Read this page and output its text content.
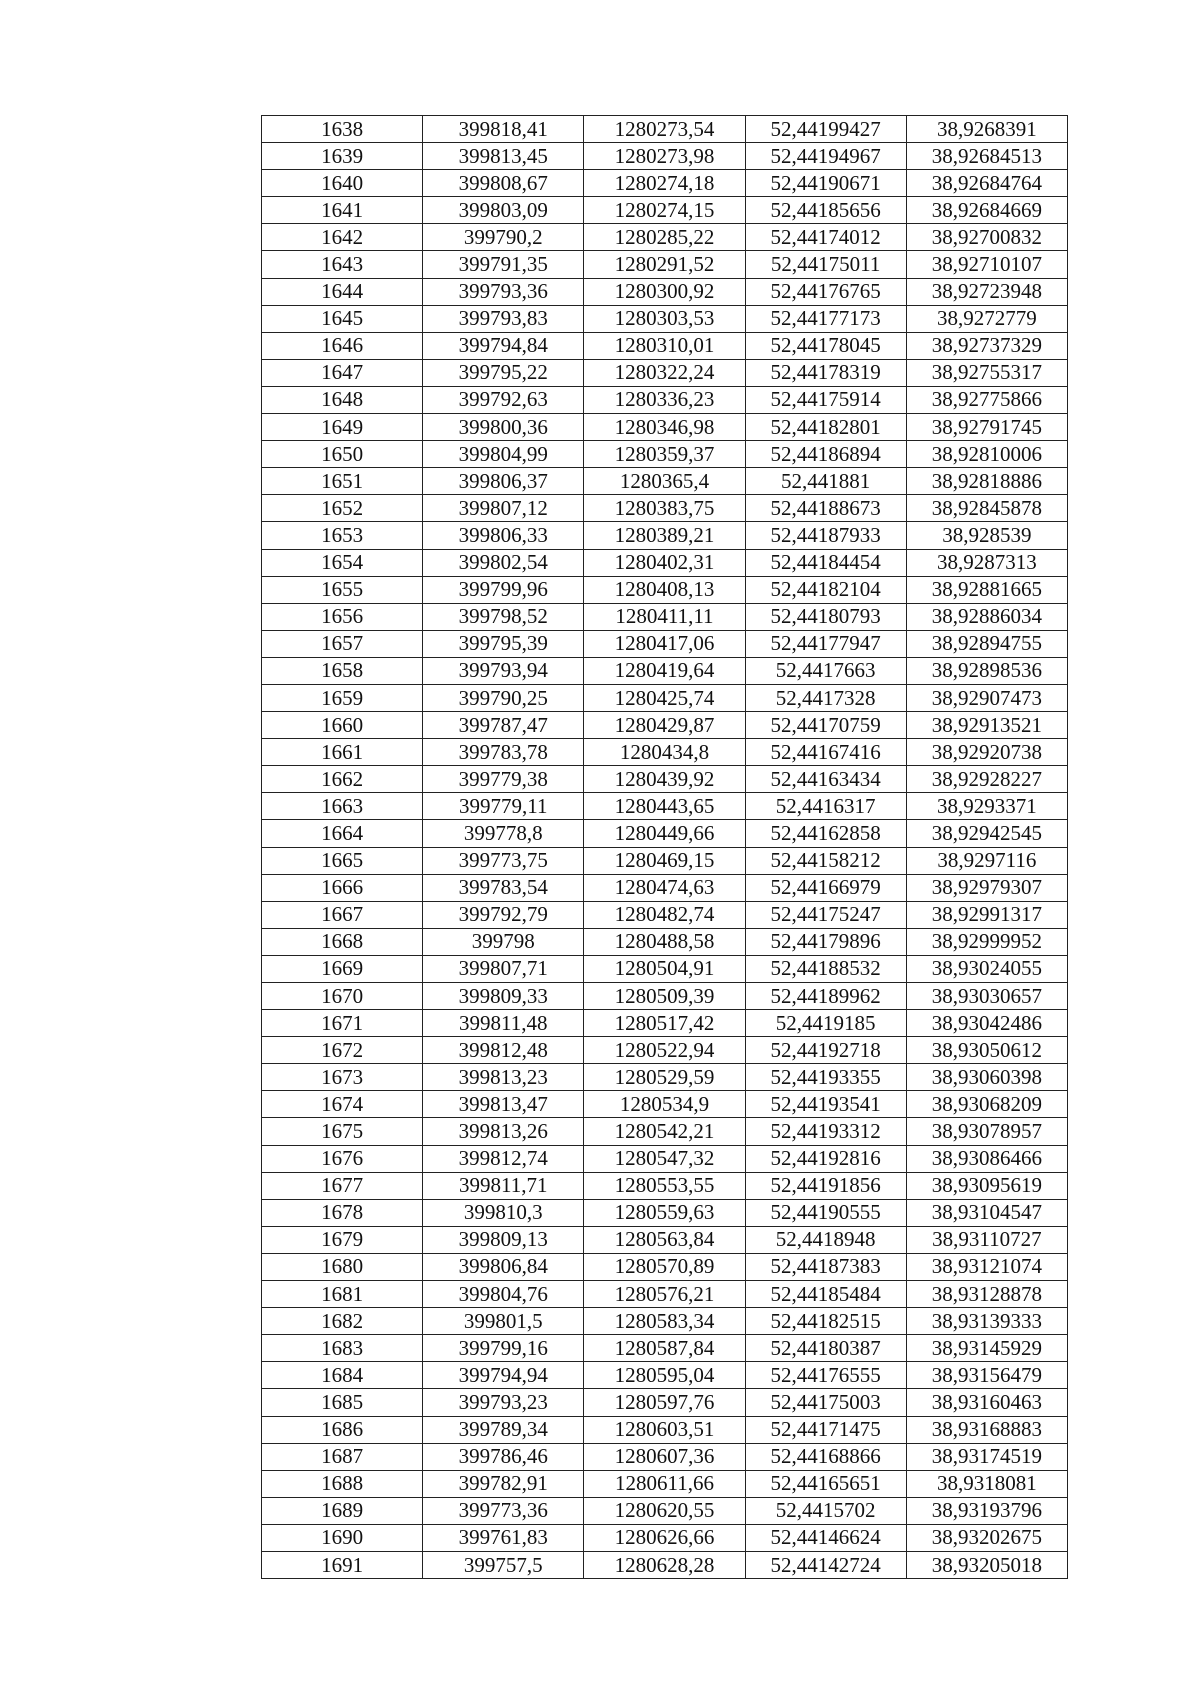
1638	399818,41	1280273,54	52,44199427	38,9268391
1639	399813,45	1280273,98	52,44194967	38,92684513
1640	399808,67	1280274,18	52,44190671	38,92684764
1641	399803,09	1280274,15	52,44185656	38,92684669
1642	399790,2	1280285,22	52,44174012	38,92700832
1643	399791,35	1280291,52	52,44175011	38,92710107
1644	399793,36	1280300,92	52,44176765	38,92723948
1645	399793,83	1280303,53	52,44177173	38,9272779
1646	399794,84	1280310,01	52,44178045	38,92737329
1647	399795,22	1280322,24	52,44178319	38,92755317
1648	399792,63	1280336,23	52,44175914	38,92775866
1649	399800,36	1280346,98	52,44182801	38,92791745
1650	399804,99	1280359,37	52,44186894	38,92810006
1651	399806,37	1280365,4	52,441881	38,92818886
1652	399807,12	1280383,75	52,44188673	38,92845878
1653	399806,33	1280389,21	52,44187933	38,928539
1654	399802,54	1280402,31	52,44184454	38,9287313
1655	399799,96	1280408,13	52,44182104	38,92881665
1656	399798,52	1280411,11	52,44180793	38,92886034
1657	399795,39	1280417,06	52,44177947	38,92894755
1658	399793,94	1280419,64	52,4417663	38,92898536
1659	399790,25	1280425,74	52,4417328	38,92907473
1660	399787,47	1280429,87	52,44170759	38,92913521
1661	399783,78	1280434,8	52,44167416	38,92920738
1662	399779,38	1280439,92	52,44163434	38,92928227
1663	399779,11	1280443,65	52,4416317	38,9293371
1664	399778,8	1280449,66	52,44162858	38,92942545
1665	399773,75	1280469,15	52,44158212	38,9297116
1666	399783,54	1280474,63	52,44166979	38,92979307
1667	399792,79	1280482,74	52,44175247	38,92991317
1668	399798	1280488,58	52,44179896	38,92999952
1669	399807,71	1280504,91	52,44188532	38,93024055
1670	399809,33	1280509,39	52,44189962	38,93030657
1671	399811,48	1280517,42	52,4419185	38,93042486
1672	399812,48	1280522,94	52,44192718	38,93050612
1673	399813,23	1280529,59	52,44193355	38,93060398
1674	399813,47	1280534,9	52,44193541	38,93068209
1675	399813,26	1280542,21	52,44193312	38,93078957
1676	399812,74	1280547,32	52,44192816	38,93086466
1677	399811,71	1280553,55	52,44191856	38,93095619
1678	399810,3	1280559,63	52,44190555	38,93104547
1679	399809,13	1280563,84	52,4418948	38,93110727
1680	399806,84	1280570,89	52,44187383	38,93121074
1681	399804,76	1280576,21	52,44185484	38,93128878
1682	399801,5	1280583,34	52,44182515	38,93139333
1683	399799,16	1280587,84	52,44180387	38,93145929
1684	399794,94	1280595,04	52,44176555	38,93156479
1685	399793,23	1280597,76	52,44175003	38,93160463
1686	399789,34	1280603,51	52,44171475	38,93168883
1687	399786,46	1280607,36	52,44168866	38,93174519
1688	399782,91	1280611,66	52,44165651	38,9318081
1689	399773,36	1280620,55	52,4415702	38,93193796
1690	399761,83	1280626,66	52,44146624	38,93202675
1691	399757,5	1280628,28	52,44142724	38,93205018
